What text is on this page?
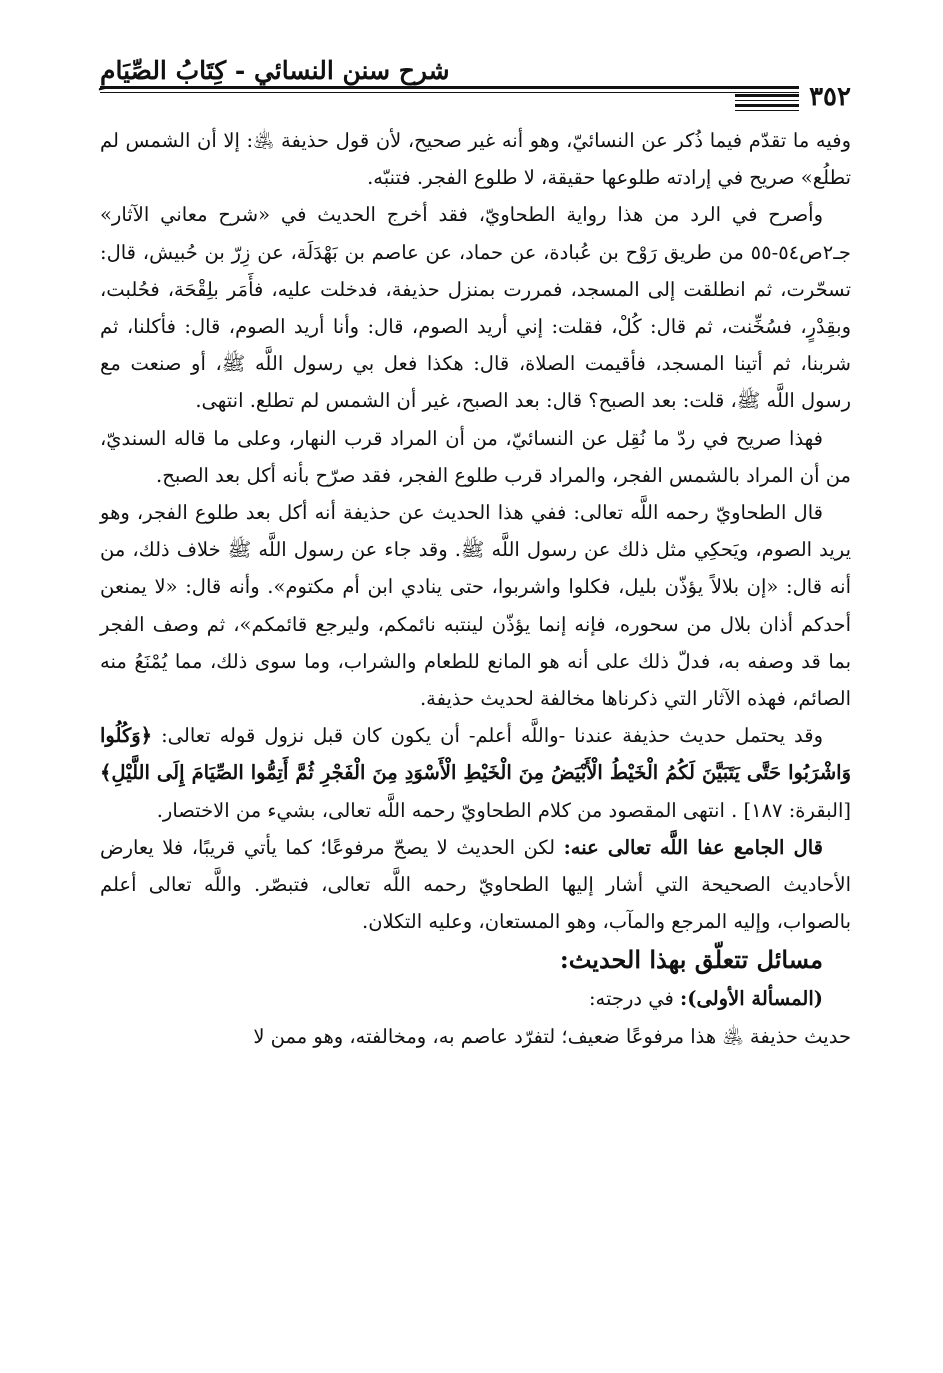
شرح سنن النسائي - كِتَابُ الصِّيَامِ
٣٥٢

وفيه ما تقدّم فيما ذُكر عن النسائيّ، وهو أنه غير صحيح، لأن قول حذيفة ﵁: إلا أن الشمس لم تطلُع» صريح في إرادته طلوعها حقيقة، لا طلوع الفجر. فتنبّه.

وأصرح في الرد من هذا رواية الطحاويّ، فقد أخرج الحديث في «شرح معاني الآثار» جـ٢ص٥٤-٥٥ من طريق رَوْح بن عُبادة، عن حماد، عن عاصم بن بَهْدَلَة، عن زِرّ بن حُبيش، قال: تسحّرت، ثم انطلقت إلى المسجد، فمررت بمنزل حذيفة، فدخلت عليه، فأَمَر بلِقْحَة، فحُلبت، وبقِدْرٍ، فسُخِّنت، ثم قال: كُلْ، فقلت: إني أريد الصوم، قال: وأنا أريد الصوم، قال: فأكلنا، ثم شربنا، ثم أتينا المسجد، فأقيمت الصلاة، قال: هكذا فعل بي رسول اللَّه ﷺ، أو صنعت مع رسول اللَّه ﷺ، قلت: بعد الصبح؟ قال: بعد الصبح، غير أن الشمس لم تطلع. انتهى.

فهذا صريح في ردّ ما نُقِل عن النسائيّ، من أن المراد قرب النهار، وعلى ما قاله السنديّ، من أن المراد بالشمس الفجر، والمراد قرب طلوع الفجر، فقد صرّح بأنه أكل بعد الصبح.

قال الطحاويّ رحمه اللَّه تعالى: ففي هذا الحديث عن حذيفة أنه أكل بعد طلوع الفجر، وهو يريد الصوم، ويَحكِي مثل ذلك عن رسول اللَّه ﷺ. وقد جاء عن رسول اللَّه ﷺ خلاف ذلك، من أنه قال: «إن بلالاً يؤذّن بليل، فكلوا واشربوا، حتى ينادي ابن أم مكتوم». وأنه قال: «لا يمنعن أحدكم أذان بلال من سحوره، فإنه إنما يؤذّن لينتبه نائمكم، وليرجع قائمكم»، ثم وصف الفجر بما قد وصفه به، فدلّ ذلك على أنه هو المانع للطعام والشراب، وما سوى ذلك، مما يُمْنَعُ منه الصائم، فهذه الآثار التي ذكرناها مخالفة لحديث حذيفة.

وقد يحتمل حديث حذيفة عندنا -واللَّه أعلم- أن يكون كان قبل نزول قوله تعالى: ﴿وَكُلُوا وَاشْرَبُوا حَتَّى يَتَبَيَّنَ لَكُمُ الْخَيْطُ الْأَبْيَضُ مِنَ الْخَيْطِ الْأَسْوَدِ مِنَ الْفَجْرِ ثُمَّ أَتِمُّوا الصِّيَامَ إِلَى اللَّيْلِ﴾ [البقرة: ١٨٧] . انتهى المقصود من كلام الطحاويّ رحمه اللَّه تعالى، بشيء من الاختصار.

قال الجامع عفا اللَّه تعالى عنه: لكن الحديث لا يصحّ مرفوعًا؛ كما يأتي قريبًا، فلا يعارض الأحاديث الصحيحة التي أشار إليها الطحاويّ رحمه اللَّه تعالى، فتبصّر. واللَّه تعالى أعلم بالصواب، وإليه المرجع والمآب، وهو المستعان، وعليه التكلان.

مسائل تتعلّق بهذا الحديث:

(المسألة الأولى): في درجته:

حديث حذيفة ﵁ هذا مرفوعًا ضعيف؛ لتفرّد عاصم به، ومخالفته، وهو ممن لا
